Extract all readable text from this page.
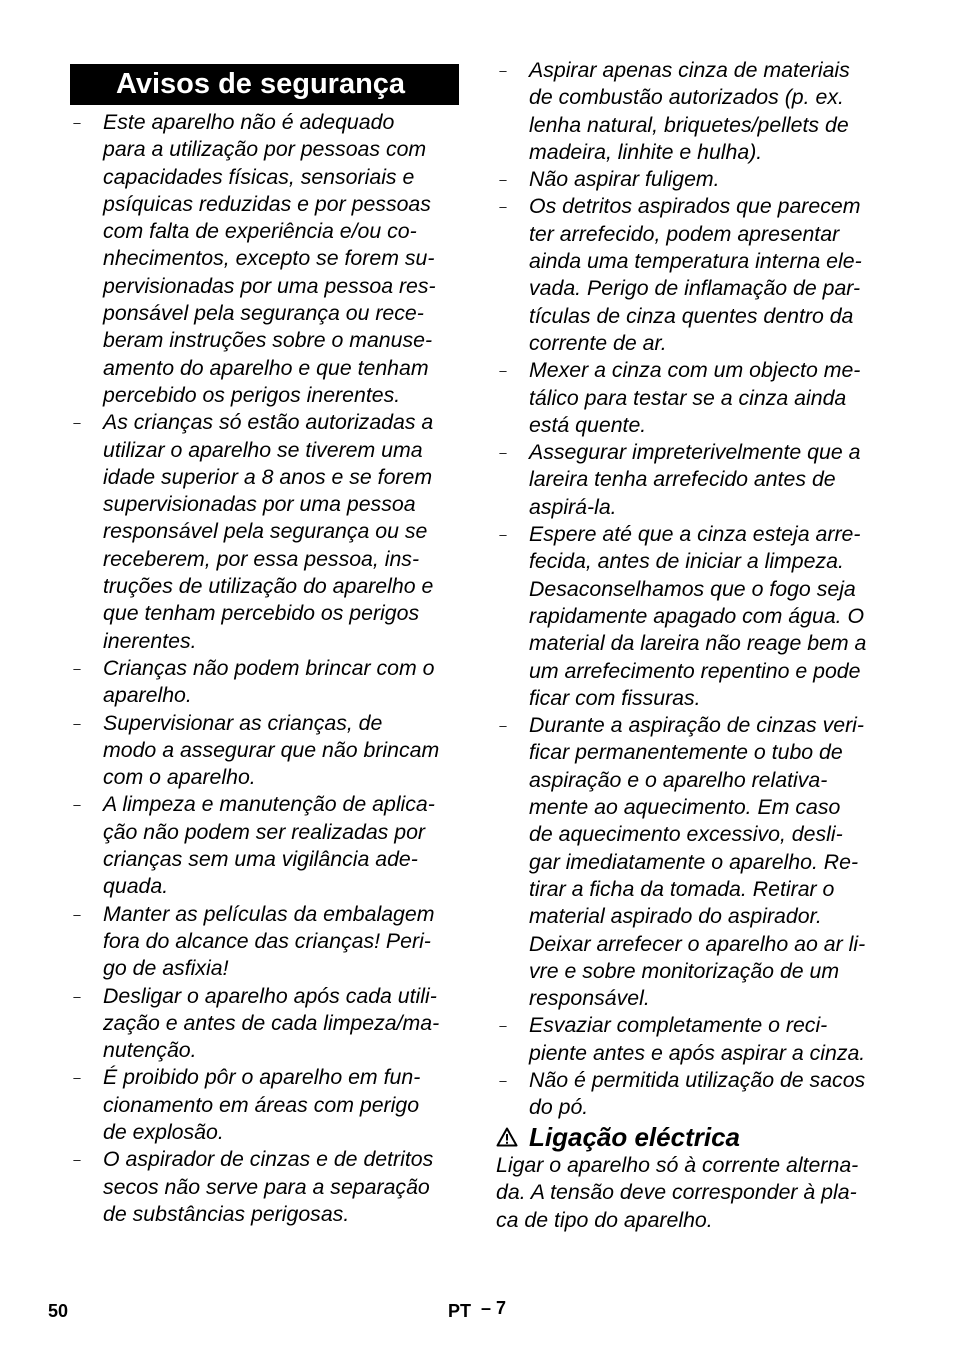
Avisos de segurança
– Este aparelho não é adequado
para a utilização por pessoas com
capacidades físicas, sensoriais e
psíquicas reduzidas e por pessoas
com falta de experiência e/ou co-
nhecimentos, excepto se forem su-
pervisionadas por uma pessoa res-
ponsável pela segurança ou rece-
beram instruções sobre o manuse-
amento do aparelho e que tenham
percebido os perigos inerentes.
– As crianças só estão autorizadas a
utilizar o aparelho se tiverem uma
idade superior a 8 anos e se forem
supervisionadas por uma pessoa
responsável pela segurança ou se
receberem, por essa pessoa, ins-
truções de utilização do aparelho e
que tenham percebido os perigos
inerentes.
– Crianças não podem brincar com o
aparelho.
– Supervisionar as crianças, de
modo a assegurar que não brincam
com o aparelho.
– A limpeza e manutenção de aplica-
ção não podem ser realizadas por
crianças sem uma vigilância ade-
quada.
– Manter as películas da embalagem
fora do alcance das crianças! Peri-
go de asfixia!
– Desligar o aparelho após cada utili-
zação e antes de cada limpeza/ma-
nutenção.
– É proibido pôr o aparelho em fun-
cionamento em áreas com perigo
de explosão.
– O aspirador de cinzas e de detritos
secos não serve para a separação
de substâncias perigosas.
– Aspirar apenas cinza de materiais
de combustão autorizados (p. ex.
lenha natural, briquetes/pellets de
madeira, linhite e hulha).
– Não aspirar fuligem.
– Os detritos aspirados que parecem
ter arrefecido, podem apresentar
ainda uma temperatura interna ele-
vada. Perigo de inflamação de par-
tículas de cinza quentes dentro da
corrente de ar.
– Mexer a cinza com um objecto me-
tálico para testar se a cinza ainda
está quente.
– Assegurar impreterivelmente que a
lareira tenha arrefecido antes de
aspirá-la.
– Espere até que a cinza esteja arre-
fecida, antes de iniciar a limpeza.
Desaconselhamos que o fogo seja
rapidamente apagado com água. O
material da lareira não reage bem a
um arrefecimento repentino e pode
ficar com fissuras.
– Durante a aspiração de cinzas veri-
ficar permanentemente o tubo de
aspiração e o aparelho relativa-
mente ao aquecimento. Em caso
de aquecimento excessivo, desli-
gar imediatamente o aparelho. Re-
tirar a ficha da tomada. Retirar o
material aspirado do aspirador.
Deixar arrefecer o aparelho ao ar li-
vre e sobre monitorização de um
responsável.
– Esvaziar completamente o reci-
piente antes e após aspirar a cinza.
– Não é permitida utilização de sacos
do pó.
Ligação eléctrica
Ligar o aparelho só à corrente alterna-
da. A tensão deve corresponder à pla-
ca de tipo do aparelho.
50	PT – 7
